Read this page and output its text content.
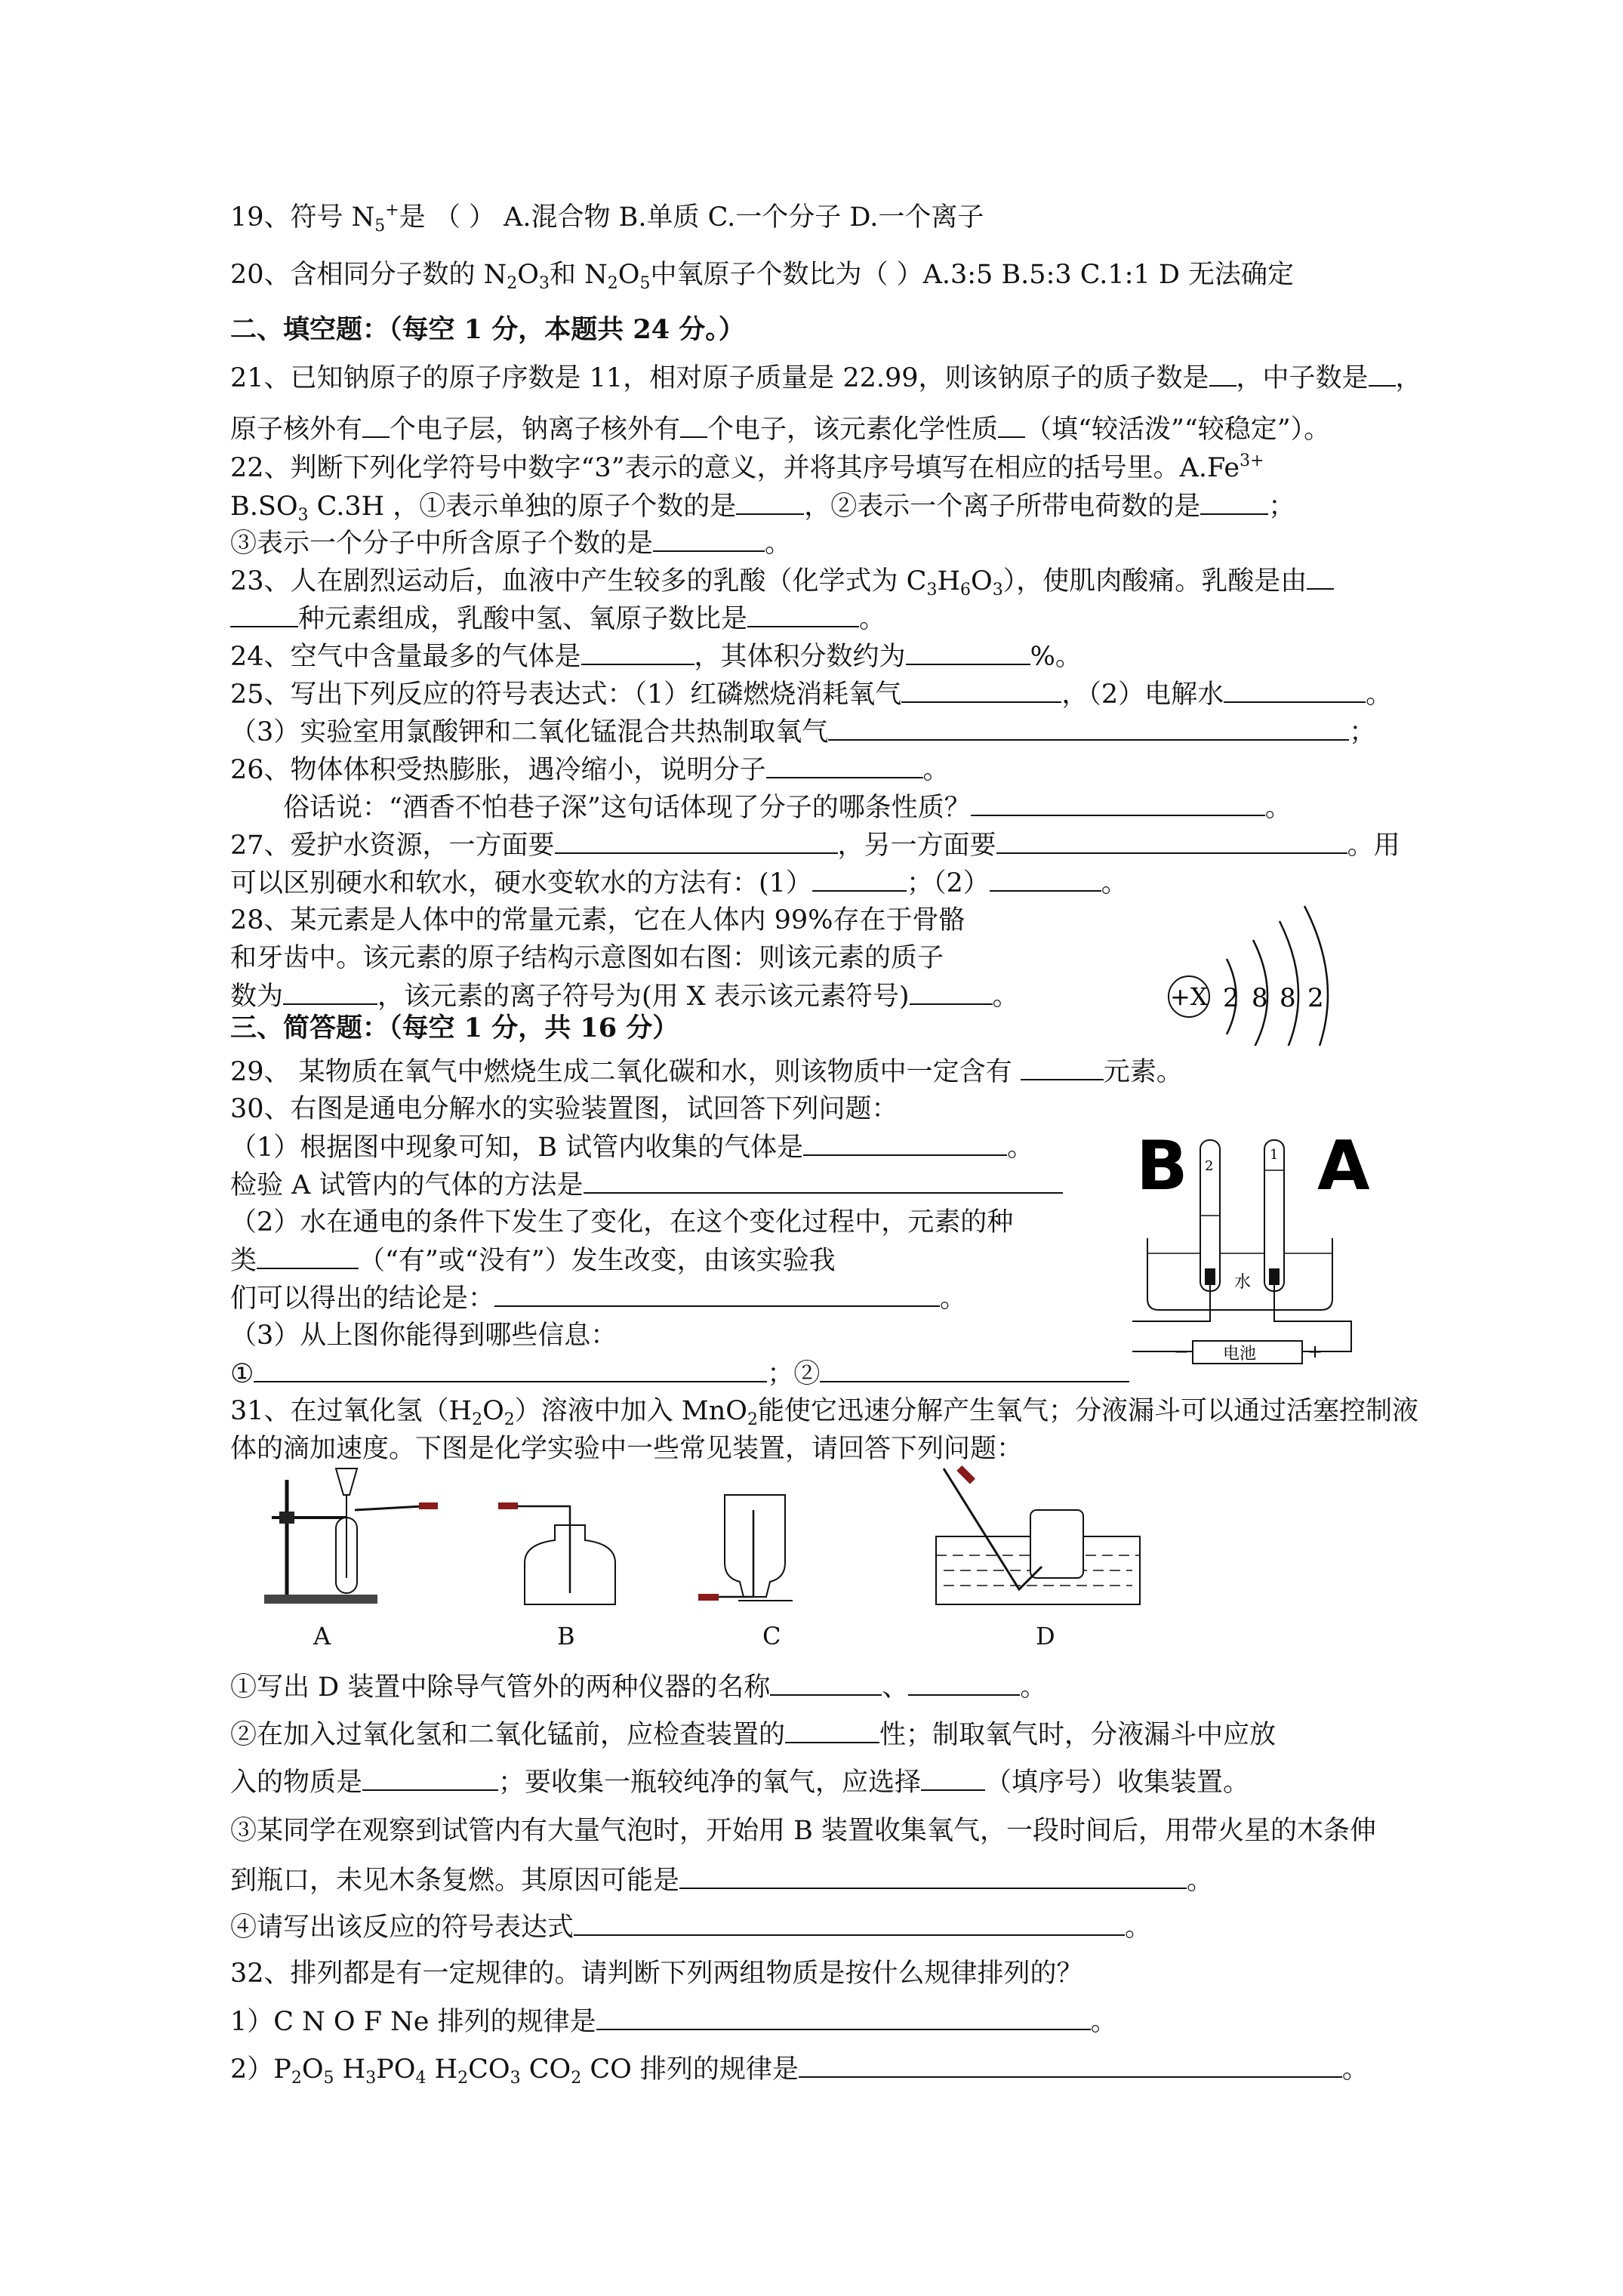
19、符号 $N_5^+$是 （ ） A.混合物 B.单质 C.一个分子 D.一个离子
20、含相同分子数的 $N_2O_3$和 $N_2O_5$中氧原子个数比为（ ）A.3:5 B.5:3 C.1:1 D 无法确定
二、填空题：（每空 1 分，本题共 24 分。）
21、已知钠原子的原子序数是 11，相对原子质量是 22.99，则该钠原子的质子数是 ，中子数是 ，
原子核外有 个电子层，钠离子核外有 个电子，该元素化学性质 （填“较活泼”“较稳定”）。
22、判断下列化学符号中数字“3”表示的意义，并将其序号填写在相应的括号里。$A.Fe^{3+}$
$B.SO_3$ C.3H ，①表示单独的原子个数的是	，②表示一个离子所带电荷数的是	；
③表示一个分子中所含原子个数的是	。
23、人在剧烈运动后，血液中产生较多的乳酸（化学式为 $C_3H_6O_3$），使肌肉酸痛。乳酸是由
种元素组成，乳酸中氢、氧原子数比是	。
24、空气中含量最多的气体是	，其体积分数约为	%。
25、写出下列反应的符号表达式：（1）红磷燃烧消耗氧气	，（2）电解水	。
（3）实验室用氯酸钾和二氧化锰混合共热制取氧气	；
26、物体体积受热膨胀，遇冷缩小，说明分子	。
俗话说：“酒香不怕巷子深”这句话体现了分子的哪条性质？	。
27、爱护水资源，一方面要	，另一方面要	。用
可以区别硬水和软水，硬水变软水的方法有：(1）	；（2）	。
28、某元素是人体中的常量元素，它在人体内 99%存在于骨骼
和牙齿中。该元素的原子结构示意图如右图：则该元素的质子
数为	，该元素的离子符号为(用 X 表示该元素符号)	。	+X 2 8 8 2
三、简答题：（每空 1 分，共 16 分）
29、 某物质在氧气中燃烧生成二氧化碳和水，则该物质中一定含有	元素。
30、右图是通电分解水的实验装置图，试回答下列问题：
（1）根据图中现象可知，B 试管内收集的气体是	。
检验 A 试管内的气体的方法是
（2）水在通电的条件下发生了变化，在这个变化过程中，元素的种
类	（“有”或“没有”）发生改变，由该实验我
们可以得出的结论是：	。
（3）从上图你能得到哪些信息：
①	；②
B A
水
2
1
电池
−	+
31、在过氧化氢$(H_2O_2)$溶液中加入 MnO$_2$能使它迅速分解产生氧气；分液漏斗可以通过活塞控制液
体的滴加速度。下图是化学实验中一些常见装置，请回答下列问题：
A	B	C	D
①写出 D 装置中除导气管外的两种仪器的名称	、	。
②在加入过氧化氢和二氧化锰前，应检查装置的	性；制取氧气时，分液漏斗中应放
入的物质是	；要收集一瓶较纯净的氧气，应选择 （填序号）收集装置。
③某同学在观察到试管内有大量气泡时，开始用 B 装置收集氧气，一段时间后，用带火星的木条伸
到瓶口，未见木条复燃。其原因可能是	。
④请写出该反应的符号表达式	。
32、排列都是有一定规律的。请判断下列两组物质是按什么规律排列的？
1）C N O F Ne 排列的规律是	。
$2)P_2O_5$ $H_3PO_4$ $H_2CO_3$ $CO_2$ CO 排列的规律是	。
